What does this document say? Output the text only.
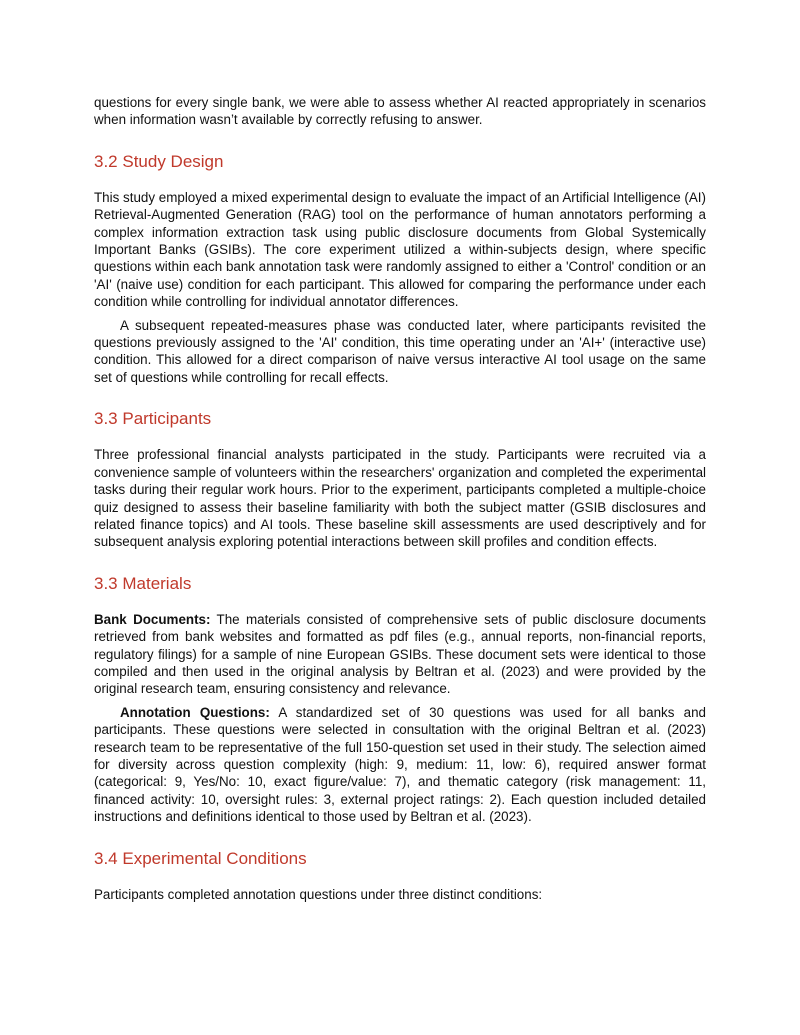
questions for every single bank, we were able to assess whether AI reacted appropriately in scenarios when information wasn’t available by correctly refusing to answer.

3.2 Study Design

This study employed a mixed experimental design to evaluate the impact of an Artificial Intelligence (AI) Retrieval-Augmented Generation (RAG) tool on the performance of human annotators performing a complex information extraction task using public disclosure documents from Global Systemically Important Banks (GSIBs). The core experiment utilized a within-subjects design, where specific questions within each bank annotation task were randomly assigned to either a 'Control' condition or an 'AI' (naive use) condition for each participant. This allowed for comparing the performance under each condition while controlling for individual annotator differences.

A subsequent repeated-measures phase was conducted later, where participants revisited the questions previously assigned to the 'AI' condition, this time operating under an 'AI+' (interactive use) condition. This allowed for a direct comparison of naive versus interactive AI tool usage on the same set of questions while controlling for recall effects.

3.3 Participants

Three professional financial analysts participated in the study. Participants were recruited via a convenience sample of volunteers within the researchers' organization and completed the experimental tasks during their regular work hours. Prior to the experiment, participants completed a multiple-choice quiz designed to assess their baseline familiarity with both the subject matter (GSIB disclosures and related finance topics) and AI tools. These baseline skill assessments are used descriptively and for subsequent analysis exploring potential interactions between skill profiles and condition effects.

3.3 Materials

Bank Documents: The materials consisted of comprehensive sets of public disclosure documents retrieved from bank websites and formatted as pdf files (e.g., annual reports, non-financial reports, regulatory filings) for a sample of nine European GSIBs. These document sets were identical to those compiled and then used in the original analysis by Beltran et al. (2023) and were provided by the original research team, ensuring consistency and relevance.

Annotation Questions: A standardized set of 30 questions was used for all banks and participants. These questions were selected in consultation with the original Beltran et al. (2023) research team to be representative of the full 150-question set used in their study. The selection aimed for diversity across question complexity (high: 9, medium: 11, low: 6), required answer format (categorical: 9, Yes/No: 10, exact figure/value: 7), and thematic category (risk management: 11, financed activity: 10, oversight rules: 3, external project ratings: 2). Each question included detailed instructions and definitions identical to those used by Beltran et al. (2023).

3.4 Experimental Conditions

Participants completed annotation questions under three distinct conditions:
